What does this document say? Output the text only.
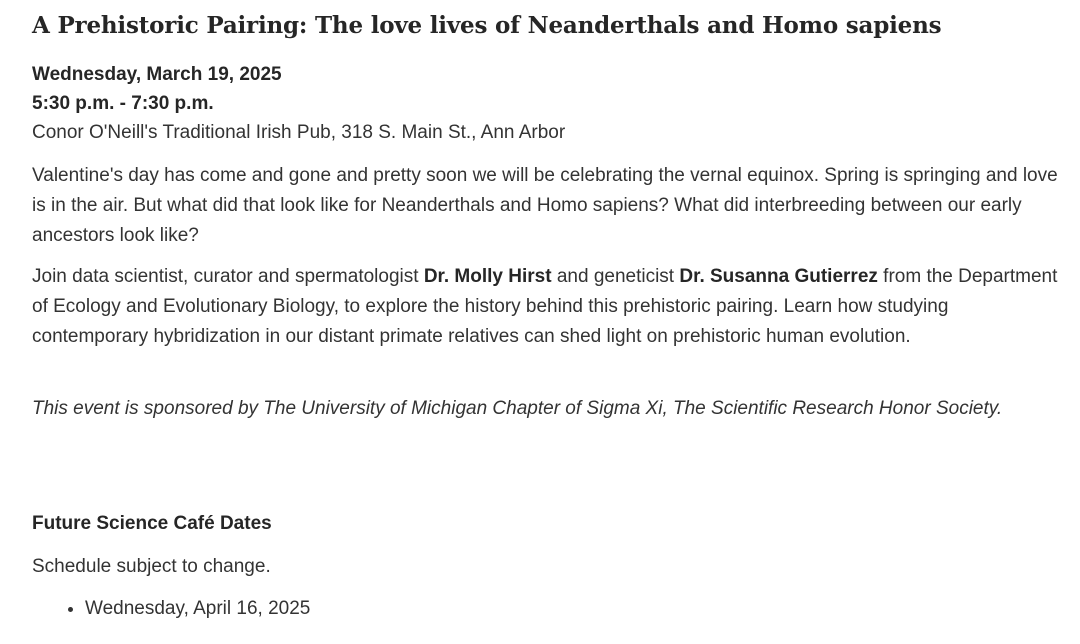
A Prehistoric Pairing: The love lives of Neanderthals and Homo sapiens
Wednesday, March 19, 2025
5:30 p.m. - 7:30 p.m.
Conor O'Neill's Traditional Irish Pub, 318 S. Main St., Ann Arbor

Valentine's day has come and gone and pretty soon we will be celebrating the vernal equinox. Spring is springing and love is in the air. But what did that look like for Neanderthals and Homo sapiens? What did interbreeding between our early ancestors look like?

Join data scientist, curator and spermatologist Dr. Molly Hirst and geneticist Dr. Susanna Gutierrez from the Department of Ecology and Evolutionary Biology, to explore the history behind this prehistoric pairing. Learn how studying contemporary hybridization in our distant primate relatives can shed light on prehistoric human evolution.

This event is sponsored by The University of Michigan Chapter of Sigma Xi, The Scientific Research Honor Society.

Future Science Café Dates

Schedule subject to change.

• Wednesday, April 16, 2025
